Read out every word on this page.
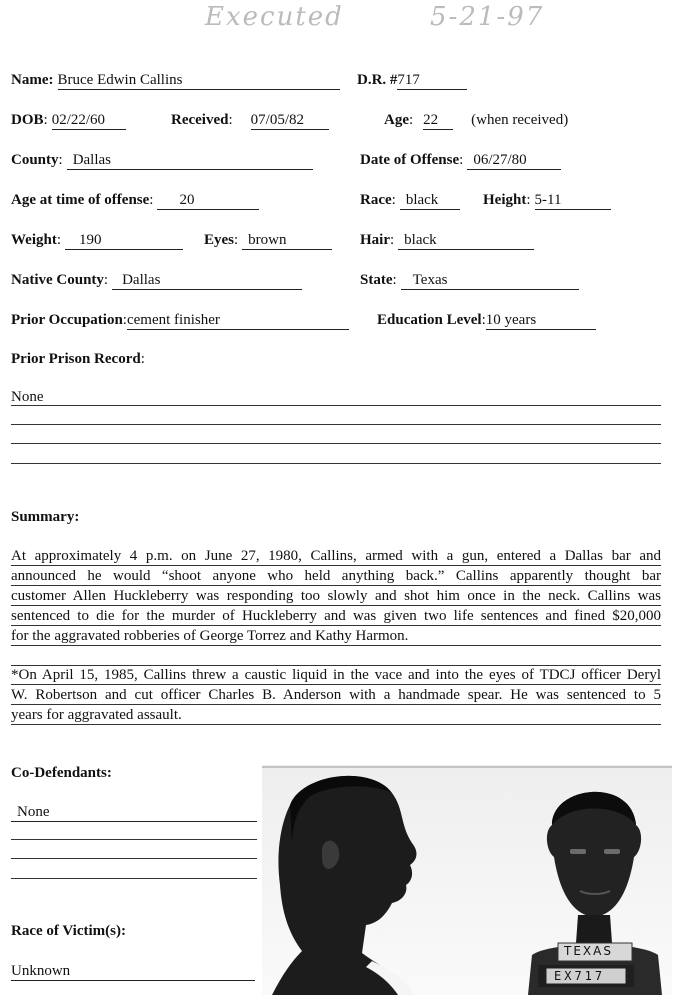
Executed	5-21-97
Name: Bruce Edwin Callins	D.R. #717
DOB: 02/22/60	Received: 07/05/82	Age: 22 (when received)
County: Dallas	Date of Offense: 06/27/80
Age at time of offense: 20	Race: black	Height: 5-11
Weight: 190	Eyes: brown	Hair: black
Native County: Dallas	State: Texas
Prior Occupation:cement finisher	Education Level:10 years
Prior Prison Record:
None
Summary:
At approximately 4 p.m. on June 27, 1980, Callins, armed with a gun, entered a Dallas bar and
announced he would “shoot anyone who held anything back.” Callins apparently thought bar
customer Allen Huckleberry was responding too slowly and shot him once in the neck. Callins was
sentenced to die for the murder of Huckleberry and was given two life sentences and fined $20,000
for the aggravated robberies of George Torrez and Kathy Harmon.
*On April 15, 1985, Callins threw a caustic liquid in the vace and into the eyes of TDCJ officer Deryl
W. Robertson and cut officer Charles B. Anderson with a handmade spear. He was sentenced to 5
years for aggravated assault.
Co-Defendants:
None
Race of Victim(s):
Unknown
TEXAS
EX717
